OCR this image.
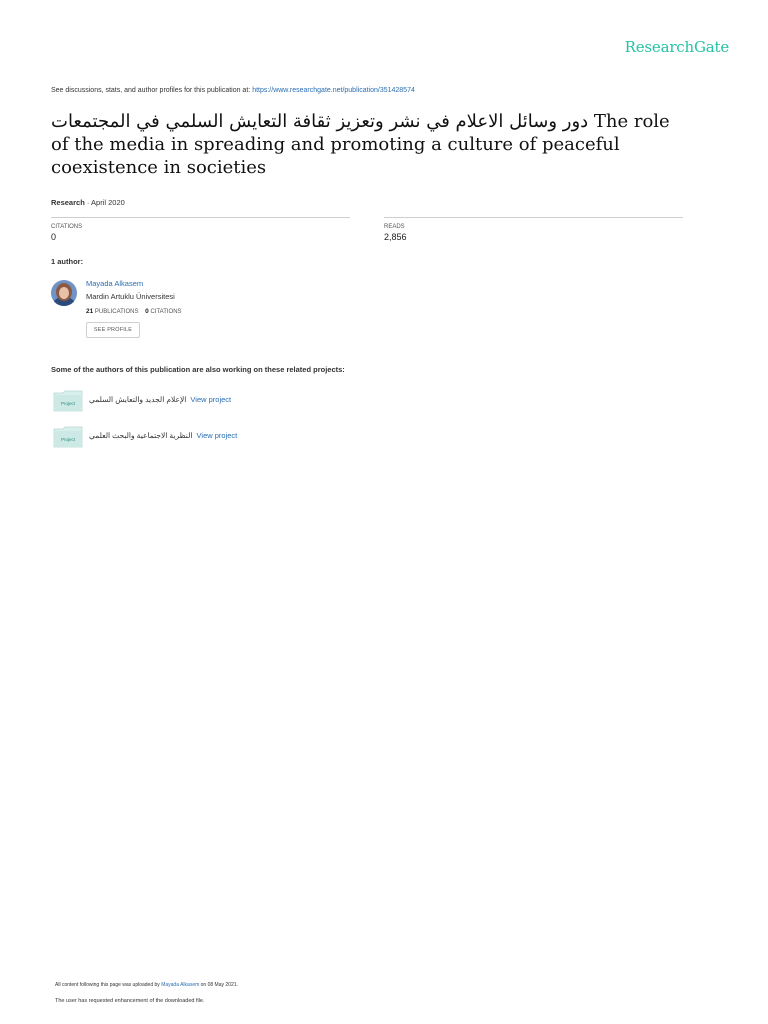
ResearchGate
See discussions, stats, and author profiles for this publication at: https://www.researchgate.net/publication/351428574
دور وسائل الاعلام في نشر وتعزيز ثقافة التعايش السلمي في المجتمعات The role of the media in spreading and promoting a culture of peaceful coexistence in societies
Research · April 2020
CITATIONS
0
READS
2,856
1 author:
Mayada Alkasem
Mardin Artuklu Üniversitesi
21 PUBLICATIONS 0 CITATIONS
SEE PROFILE
Some of the authors of this publication are also working on these related projects:
Project الإعلام الجديد والتعايش السلمي View project
Project النظرية الاجتماعية والبحث العلمي View project
All content following this page was uploaded by Mayada Alkasem on 08 May 2021.
The user has requested enhancement of the downloaded file.
